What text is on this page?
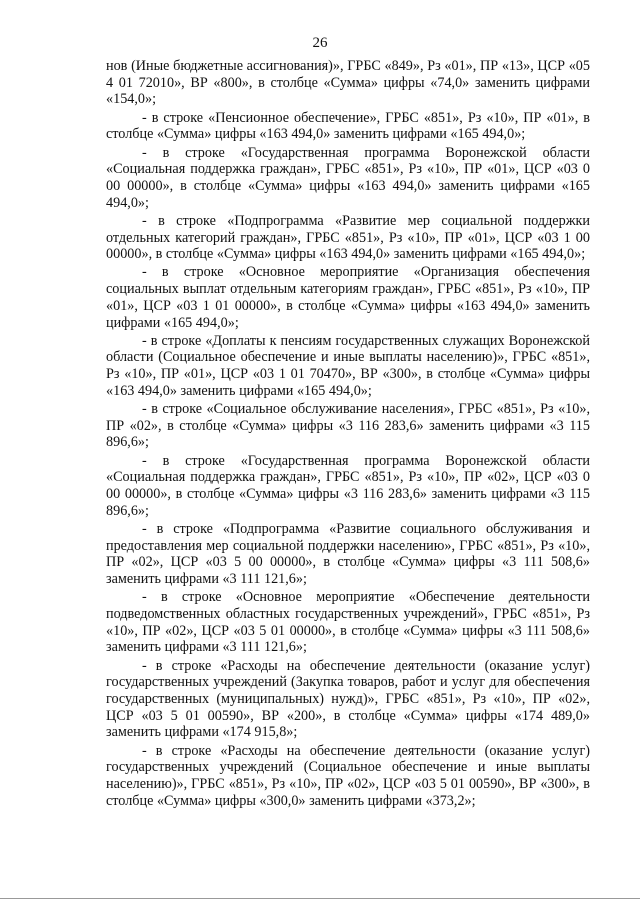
26

нов (Иные бюджетные ассигнования)», ГРБС «849», Рз «01», ПР «13», ЦСР «05 4 01 72010», ВР «800», в столбце «Сумма» цифры «74,0» заменить цифрами «154,0»;

- в строке «Пенсионное обеспечение», ГРБС «851», Рз «10», ПР «01», в столбце «Сумма» цифры «163 494,0» заменить цифрами «165 494,0»;

- в строке «Государственная программа Воронежской области «Социальная поддержка граждан», ГРБС «851», Рз «10», ПР «01», ЦСР «03 0 00 00000», в столбце «Сумма» цифры «163 494,0» заменить цифрами «165 494,0»;

- в строке «Подпрограмма «Развитие мер социальной поддержки отдельных категорий граждан», ГРБС «851», Рз «10», ПР «01», ЦСР «03 1 00 00000», в столбце «Сумма» цифры «163 494,0» заменить цифрами «165 494,0»;

- в строке «Основное мероприятие «Организация обеспечения социальных выплат отдельным категориям граждан», ГРБС «851», Рз «10», ПР «01», ЦСР «03 1 01 00000», в столбце «Сумма» цифры «163 494,0» заменить цифрами «165 494,0»;

- в строке «Доплаты к пенсиям государственных служащих Воронежской области (Социальное обеспечение и иные выплаты населению)», ГРБС «851», Рз «10», ПР «01», ЦСР «03 1 01 70470», ВР «300», в столбце «Сумма» цифры «163 494,0» заменить цифрами «165 494,0»;

- в строке «Социальное обслуживание населения», ГРБС «851», Рз «10», ПР «02», в столбце «Сумма» цифры «3 116 283,6» заменить цифрами «3 115 896,6»;

- в строке «Государственная программа Воронежской области «Социальная поддержка граждан», ГРБС «851», Рз «10», ПР «02», ЦСР «03 0 00 00000», в столбце «Сумма» цифры «3 116 283,6» заменить цифрами «3 115 896,6»;

- в строке «Подпрограмма «Развитие социального обслуживания и предоставления мер социальной поддержки населению», ГРБС «851», Рз «10», ПР «02», ЦСР «03 5 00 00000», в столбце «Сумма» цифры «3 111 508,6» заменить цифрами «3 111 121,6»;

- в строке «Основное мероприятие «Обеспечение деятельности подведомственных областных государственных учреждений», ГРБС «851», Рз «10», ПР «02», ЦСР «03 5 01 00000», в столбце «Сумма» цифры «3 111 508,6» заменить цифрами «3 111 121,6»;

- в строке «Расходы на обеспечение деятельности (оказание услуг) государственных учреждений (Закупка товаров, работ и услуг для обеспечения государственных (муниципальных) нужд)», ГРБС «851», Рз «10», ПР «02», ЦСР «03 5 01 00590», ВР «200», в столбце «Сумма» цифры «174 489,0» заменить цифрами «174 915,8»;

- в строке «Расходы на обеспечение деятельности (оказание услуг) государственных учреждений (Социальное обеспечение и иные выплаты населению)», ГРБС «851», Рз «10», ПР «02», ЦСР «03 5 01 00590», ВР «300», в столбце «Сумма» цифры «300,0» заменить цифрами «373,2»;
